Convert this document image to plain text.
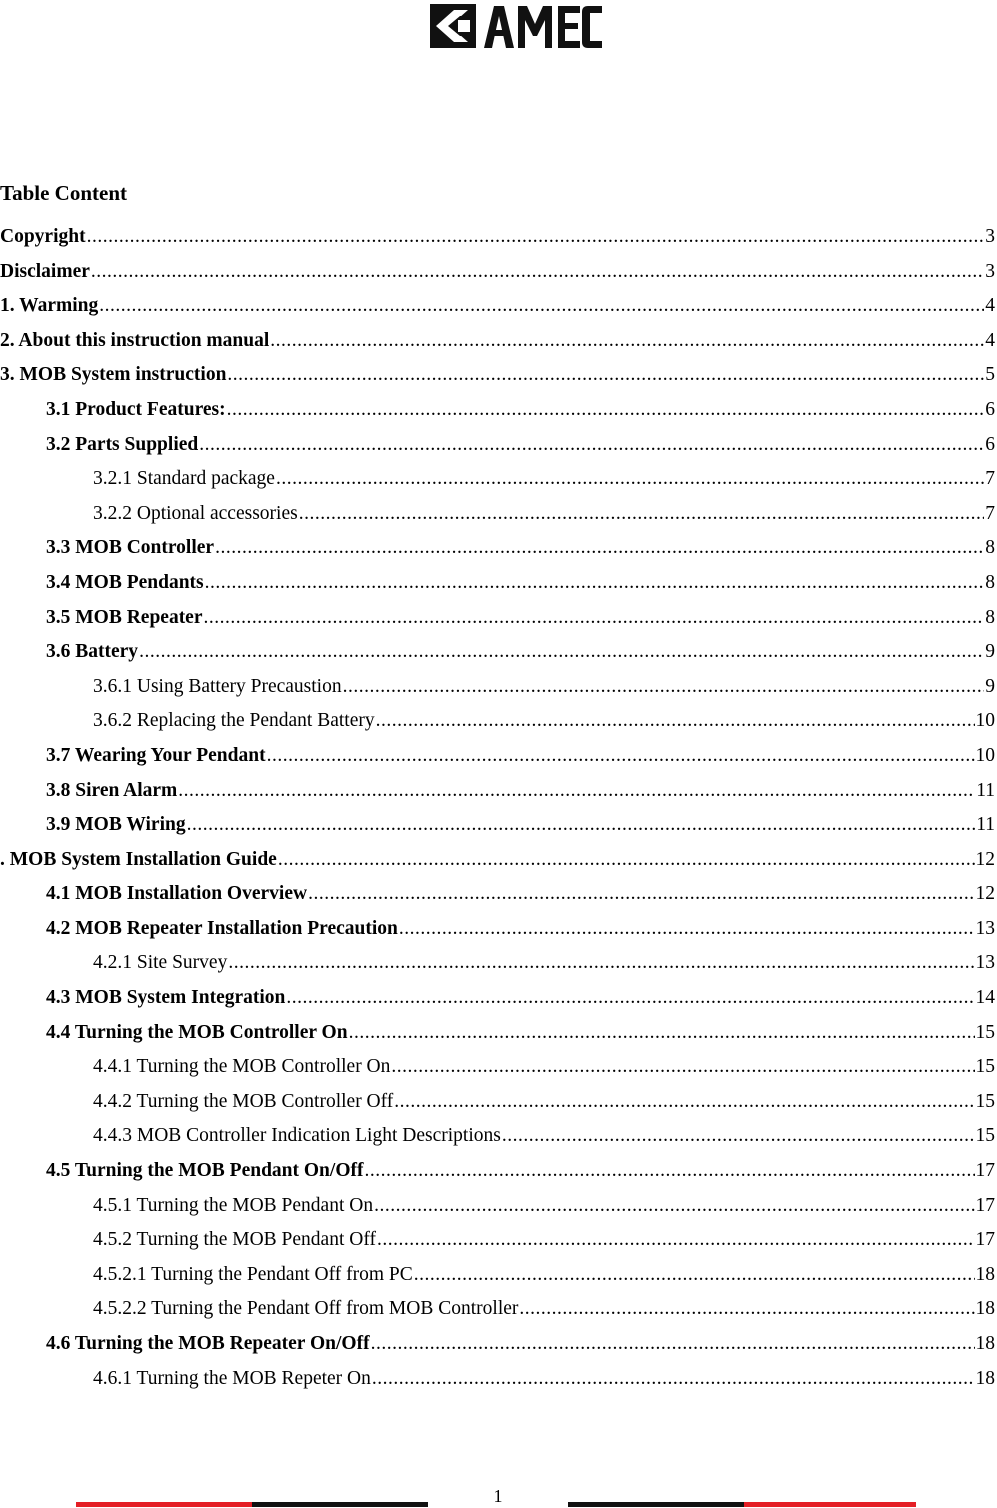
Table Content
Copyright .....	3
Disclaimer .....	3
1. Warming .....	4
2. About this instruction manual .....	4
3. MOB System instruction .....	5
3.1 Product Features: .....	6
3.2 Parts Supplied .....	6
3.2.1 Standard package .....	7
3.2.2 Optional accessories .....	7
3.3 MOB Controller .....	8
3.4 MOB Pendants .....	8
3.5 MOB Repeater .....	8
3.6 Battery .....	9
3.6.1 Using Battery Precaustion .....	9
3.6.2 Replacing the Pendant Battery .....	10
3.7 Wearing Your Pendant .....	10
3.8 Siren Alarm .....	11
3.9 MOB Wiring .....	11
. MOB System Installation Guide .....	12
4.1 MOB Installation Overview .....	12
4.2 MOB Repeater Installation Precaution .....	13
4.2.1 Site Survey .....	13
4.3 MOB System Integration .....	14
4.4 Turning the MOB Controller On .....	15
4.4.1 Turning the MOB Controller On .....	15
4.4.2 Turning the MOB Controller Off .....	15
4.4.3 MOB Controller Indication Light Descriptions .....	15
4.5 Turning the MOB Pendant On/Off .....	17
4.5.1 Turning the MOB Pendant On .....	17
4.5.2 Turning the MOB Pendant Off .....	17
4.5.2.1 Turning the Pendant Off from PC .....	18
4.5.2.2 Turning the Pendant Off from MOB Controller .....	18
4.6 Turning the MOB Repeater On/Off .....	18
4.6.1 Turning the MOB Repeter On .....	18
1
